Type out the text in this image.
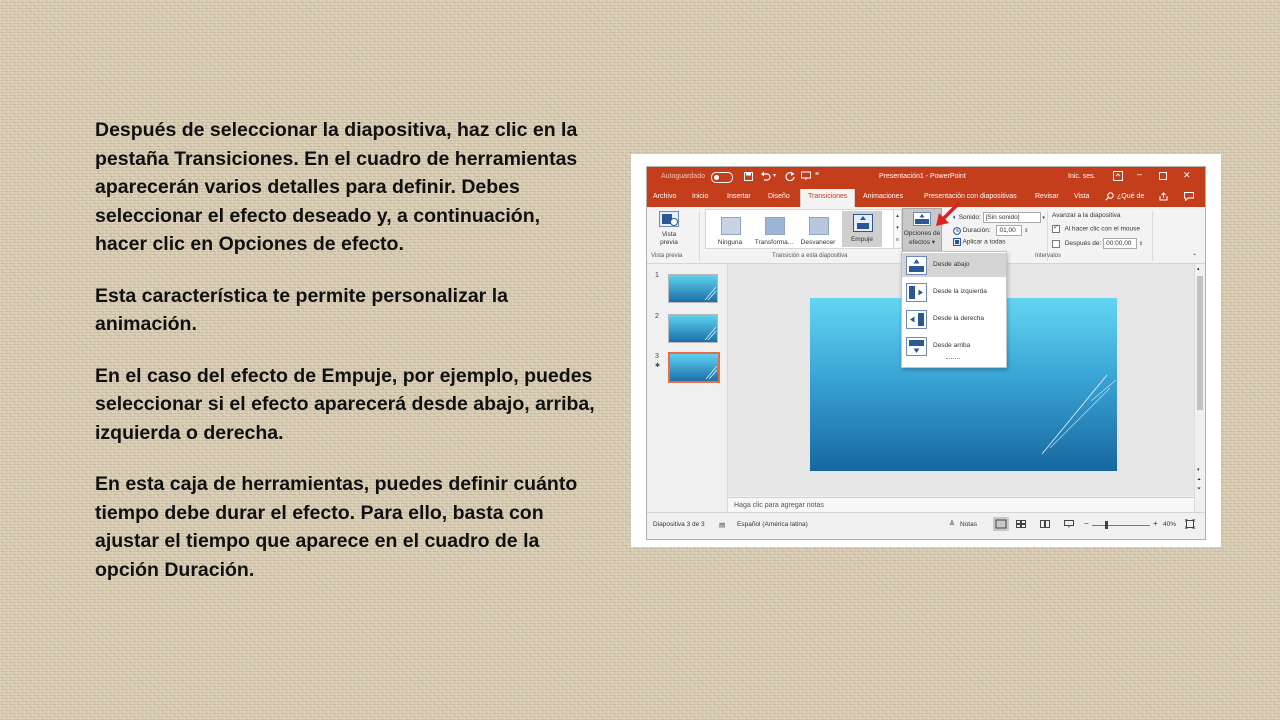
Después de seleccionar la diapositiva, haz clic en la pestaña Transiciones. En el cuadro de herramientas aparecerán varios detalles para definir. Debes seleccionar el efecto deseado y, a continuación, hacer clic en Opciones de efecto.

Esta característica te permite personalizar la animación.

En el caso del efecto de Empuje, por ejemplo, puedes seleccionar si el efecto aparecerá desde abajo, arriba, izquierda o derecha.

En esta caja de herramientas, puedes definir cuánto tiempo debe durar el efecto. Para ello, basta con ajustar el tiempo que aparece en el cuadro de la opción Duración.

Autoguardado	▾	≡	Presentación1 - PowerPoint	Inic. ses.	–	✕
Archivo Inicio	Insertar Diseño	Transiciones	Animaciones	Presentación con diapositivas	Revisar Vista	¿Qué de
Vista
previa	Ninguna	Transforma...	Desvanecer	Empuje
▴
▾
≡
Opciones de
efectos ▾
🔈︎ Sonido: [Sin sonido]	▾
Duración: 01,00 ⇕
Aplicar a todas
Avanzar a la diapositiva
✓ Al hacer clic con el mouse
Después de: 00:00,00 ⇕
Vista previa	Transición a esta diapositiva	Intervalos	⌃
1
2
3
✱
Haga clic para agregar notas
▴
▾
⏶
⏷
Diapositiva 3 de 3 ▤ Español (América latina)	≜ Notas	−	+ 40%
Desde abajo
Desde la izquierda
Desde la derecha
Desde arriba
